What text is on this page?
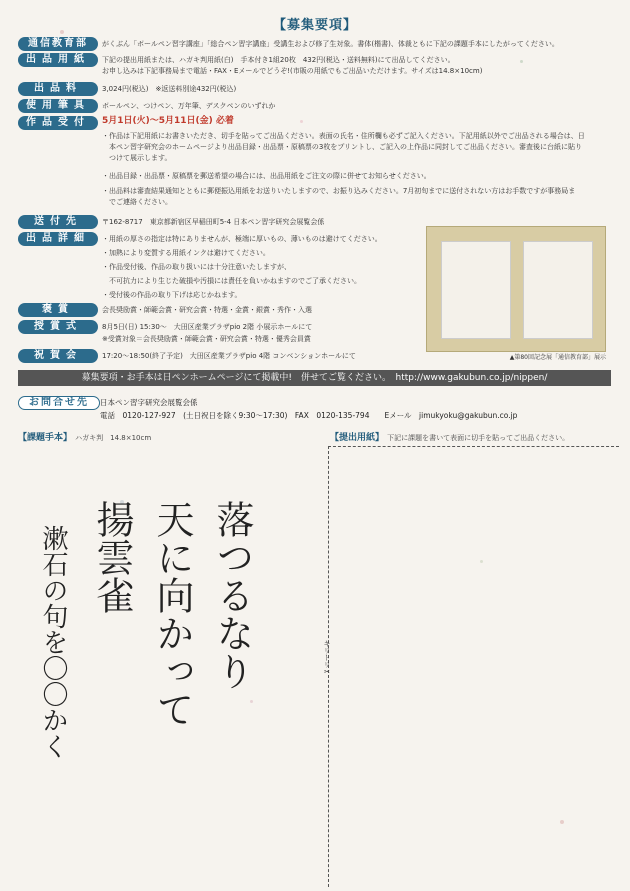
【募集要項】
通信教育部	がくぶん「ボールペン習字講座」「総合ペン習字講座」受講生および修了生対象。書体(楷書)、体裁ともに下記の課題手本にしたがってください。
出品用紙	下記の提出用紙または、ハガキ判用紙(白)　手本付き1組20枚　432円(税込・送料無料)にて出品してください。
お申し込みは下記事務局まで電話・FAX・Eメールでどうぞ!(市販の用紙でもご出品いただけます。サイズは14.8×10cm)
出品料	3,024円(税込)　※返送料別途432円(税込)
使用筆具	ボールペン、つけペン、万年筆、デスクペンのいずれか
作品受付	5月1日(火)～5月11日(金) 必着
・作品は下記用紙にお書きいただき、切手を貼ってご出品ください。表面の氏名・住所欄も必ずご記入ください。下記用紙以外でご出品される場合は、日
　本ペン習字研究会のホームページより出品目録・出品票・原稿票の3枚をプリントし、ご記入の上作品に同封してご出品ください。審査後に台紙に貼り
　つけて展示します。
・出品目録・出品票・原稿票を郵送希望の場合には、出品用紙をご注文の際に併せてお知らせください。
・出品料は審査結果通知とともに郵便振込用紙をお送りいたしますので、お振り込みください。7月初旬までに送付されない方はお手数ですが事務局ま
　でご連絡ください。
送付先	〒162-8717　東京都新宿区早稲田町5-4 日本ペン習字研究会展覧会係
出品詳細	・用紙の厚さの指定は特にありませんが、極端に厚いもの、薄いものは避けてください。
・加熱により変質する用紙インクは避けてください。
・作品受付後、作品の取り扱いには十分注意いたしますが、
　不可抗力により生じた破損や汚損には責任を負いかねますのでご了承ください。
・受付後の作品の取り下げは応じかねます。
褒賞	会長奨励賞・師範会賞・研究会賞・特選・金賞・銀賞・秀作・入選
授賞式	8月5日(日) 15:30～　大田区産業プラザpio 2階 小展示ホールにて
※受賞対象＝会長奨励賞・師範会賞・研究会賞・特選・優秀会員賞
祝賀会	17:20～18:50(終了予定)　大田区産業プラザpio 4階 コンベンションホールにて	▲第80回記念展「通信教育部」展示
募集要項・お手本は日ペンホームページにて掲載中!　併せてご覧ください。　http://www.gakubun.co.jp/nippen/
お問合せ先	日本ペン習字研究会展覧会係
電話　0120-127-927　(土日祝日を除く9:30～17:30)　FAX　0120-135-794　　Eメール　jimukyoku@gakubun.co.jp
【課題手本】 ハガキ判　14.8×10cm	【提出用紙】 下記に課題を書いて表面に切手を貼ってご出品ください。
落つるなり
天に向かって
揚雲雀
漱石の句を〇〇かく	キリトリ✂
